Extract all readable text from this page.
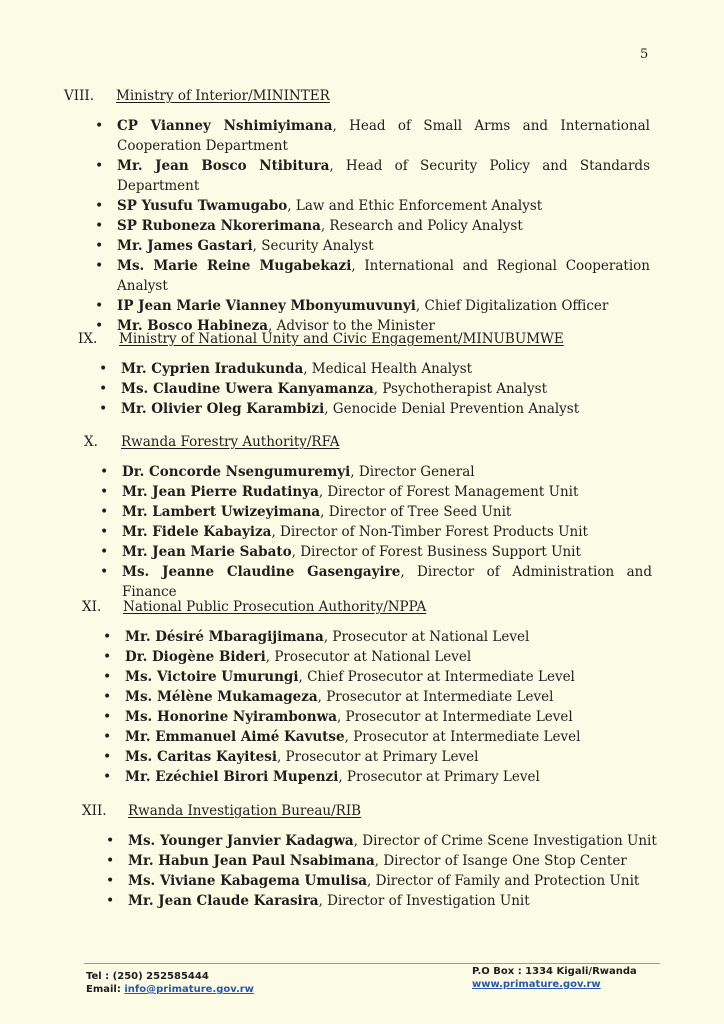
5
VIII. Ministry of Interior/MININTER
• CP Vianney Nshimiyimana, Head of Small Arms and International Cooperation Department
• Mr. Jean Bosco Ntibitura, Head of Security Policy and Standards Department
• SP Yusufu Twamugabo, Law and Ethic Enforcement Analyst
• SP Ruboneza Nkorerimana, Research and Policy Analyst
• Mr. James Gastari, Security Analyst
• Ms. Marie Reine Mugabekazi, International and Regional Cooperation Analyst
• IP Jean Marie Vianney Mbonyumuvunyi, Chief Digitalization Officer
• Mr. Bosco Habineza, Advisor to the Minister
IX. Ministry of National Unity and Civic Engagement/MINUBUMWE
• Mr. Cyprien Iradukunda, Medical Health Analyst
• Ms. Claudine Uwera Kanyamanza, Psychotherapist Analyst
• Mr. Olivier Oleg Karambizi, Genocide Denial Prevention Analyst
X. Rwanda Forestry Authority/RFA
• Dr. Concorde Nsengumuremyi, Director General
• Mr. Jean Pierre Rudatinya, Director of Forest Management Unit
• Mr. Lambert Uwizeyimana, Director of Tree Seed Unit
• Mr. Fidele Kabayiza, Director of Non-Timber Forest Products Unit
• Mr. Jean Marie Sabato, Director of Forest Business Support Unit
• Ms. Jeanne Claudine Gasengayire, Director of Administration and Finance
XI. National Public Prosecution Authority/NPPA
• Mr. Désiré Mbaragijimana, Prosecutor at National Level
• Dr. Diogène Bideri, Prosecutor at National Level
• Ms. Victoire Umurungi, Chief Prosecutor at Intermediate Level
• Ms. Mélène Mukamageza, Prosecutor at Intermediate Level
• Ms. Honorine Nyirambonwa, Prosecutor at Intermediate Level
• Mr. Emmanuel Aimé Kavutse, Prosecutor at Intermediate Level
• Ms. Caritas Kayitesi, Prosecutor at Primary Level
• Mr. Ezéchiel Birori Mupenzi, Prosecutor at Primary Level
XII. Rwanda Investigation Bureau/RIB
• Ms. Younger Janvier Kadagwa, Director of Crime Scene Investigation Unit
• Mr. Habun Jean Paul Nsabimana, Director of Isange One Stop Center
• Ms. Viviane Kabagema Umulisa, Director of Family and Protection Unit
• Mr. Jean Claude Karasira, Director of Investigation Unit
Tel : (250) 252585444
Email: info@primature.gov.rw
P.O Box : 1334 Kigali/Rwanda
www.primature.gov.rw
